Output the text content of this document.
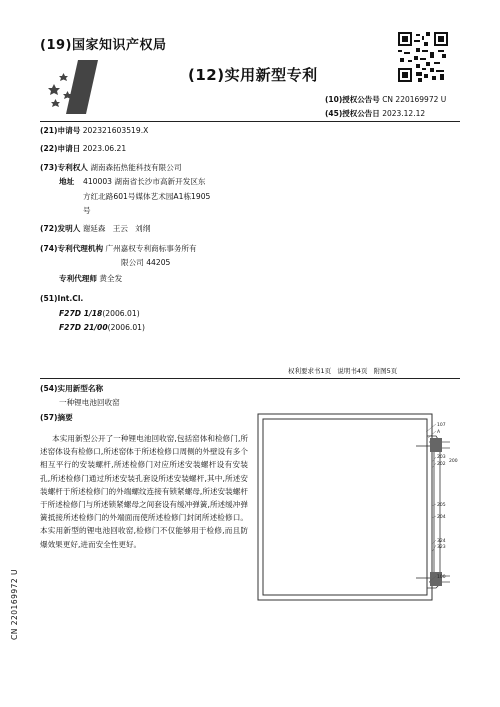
(19)国家知识产权局
(12)实用新型专利
(10)授权公告号 CN 220169972 U
(45)授权公告日 2023.12.12
(21)申请号 202321603519.X
(22)申请日 2023.06.21
(73)专利权人 湖南森拓热能科技有限公司
地址 410003 湖南省长沙市高新开发区东
方红北路601号媒体艺术园A1栋1905
号
(72)发明人 谢延森   王云   刘纲
(74)专利代理机构 广州嘉权专利商标事务所有
限公司 44205
专利代理师 黄全发
(51)Int.Cl.
F27D 1/18(2006.01)
F27D 21/00(2006.01)
权利要求书1页   说明书4页   附图5页
(54)实用新型名称
一种锂电池回收窑
(57)摘要
本实用新型公开了一种锂电池回收窑,包括窑体和检修门,所述窑体设有检修口,所述窑体于所述检修口周侧的外壁设有多个相互平行的安装螺杆,所述检修门对应所述安装螺杆设有安装孔,所述检修门通过所述安装孔套设所述安装螺杆,其中,所述安装螺杆于所述检修门的外端螺纹连接有锁紧螺母,所述安装螺杆于所述检修门与所述锁紧螺母之间套设有缓冲弹簧,所述缓冲弹簧抵接所述检修门的外端面而使所述检修门封闭所述检修口。本实用新型的锂电池回收窑,检修门不仅能够用于检修,而且防爆效果更好,进而安全性更好。
107
A
203
202
200
205
204
324
323
100
CN 220169972 U
